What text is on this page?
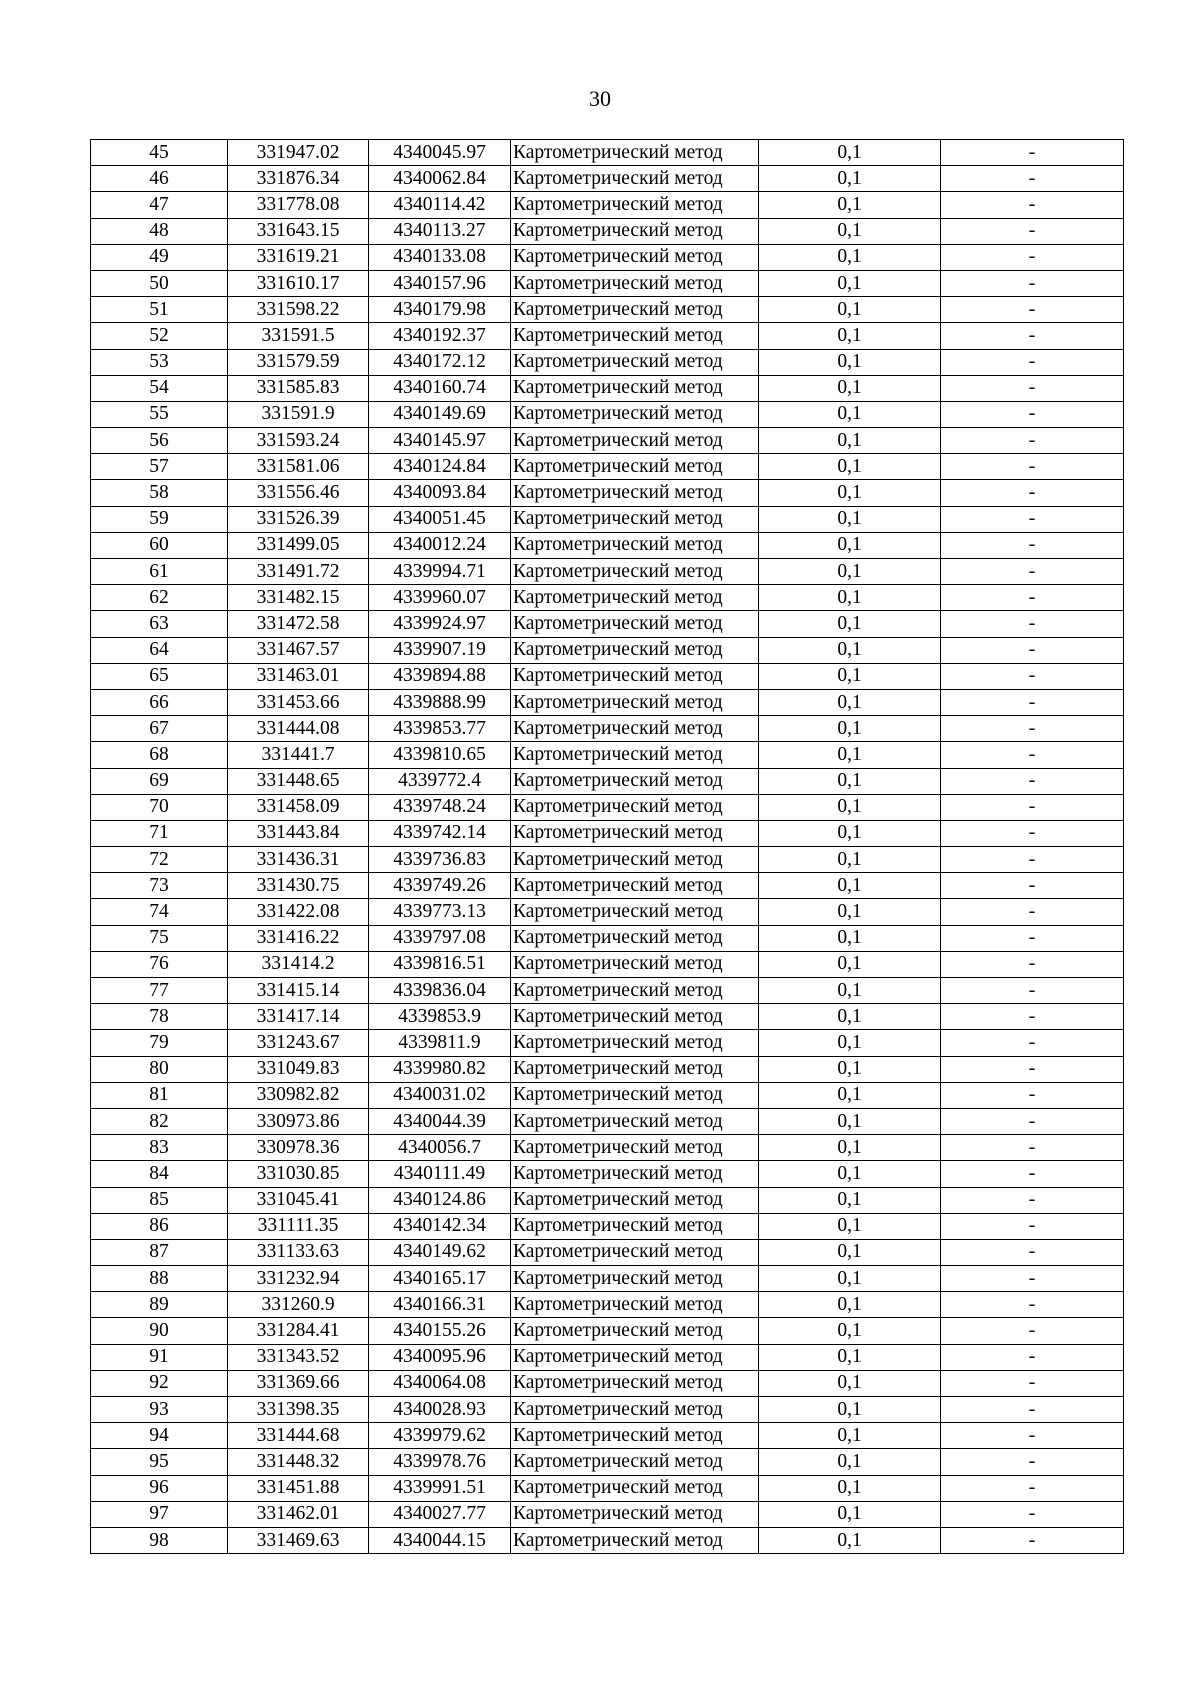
30
45	331947.02	4340045.97	Картометрический метод	0,1	-
46	331876.34	4340062.84	Картометрический метод	0,1	-
47	331778.08	4340114.42	Картометрический метод	0,1	-
48	331643.15	4340113.27	Картометрический метод	0,1	-
49	331619.21	4340133.08	Картометрический метод	0,1	-
50	331610.17	4340157.96	Картометрический метод	0,1	-
51	331598.22	4340179.98	Картометрический метод	0,1	-
52	331591.5	4340192.37	Картометрический метод	0,1	-
53	331579.59	4340172.12	Картометрический метод	0,1	-
54	331585.83	4340160.74	Картометрический метод	0,1	-
55	331591.9	4340149.69	Картометрический метод	0,1	-
56	331593.24	4340145.97	Картометрический метод	0,1	-
57	331581.06	4340124.84	Картометрический метод	0,1	-
58	331556.46	4340093.84	Картометрический метод	0,1	-
59	331526.39	4340051.45	Картометрический метод	0,1	-
60	331499.05	4340012.24	Картометрический метод	0,1	-
61	331491.72	4339994.71	Картометрический метод	0,1	-
62	331482.15	4339960.07	Картометрический метод	0,1	-
63	331472.58	4339924.97	Картометрический метод	0,1	-
64	331467.57	4339907.19	Картометрический метод	0,1	-
65	331463.01	4339894.88	Картометрический метод	0,1	-
66	331453.66	4339888.99	Картометрический метод	0,1	-
67	331444.08	4339853.77	Картометрический метод	0,1	-
68	331441.7	4339810.65	Картометрический метод	0,1	-
69	331448.65	4339772.4	Картометрический метод	0,1	-
70	331458.09	4339748.24	Картометрический метод	0,1	-
71	331443.84	4339742.14	Картометрический метод	0,1	-
72	331436.31	4339736.83	Картометрический метод	0,1	-
73	331430.75	4339749.26	Картометрический метод	0,1	-
74	331422.08	4339773.13	Картометрический метод	0,1	-
75	331416.22	4339797.08	Картометрический метод	0,1	-
76	331414.2	4339816.51	Картометрический метод	0,1	-
77	331415.14	4339836.04	Картометрический метод	0,1	-
78	331417.14	4339853.9	Картометрический метод	0,1	-
79	331243.67	4339811.9	Картометрический метод	0,1	-
80	331049.83	4339980.82	Картометрический метод	0,1	-
81	330982.82	4340031.02	Картометрический метод	0,1	-
82	330973.86	4340044.39	Картометрический метод	0,1	-
83	330978.36	4340056.7	Картометрический метод	0,1	-
84	331030.85	4340111.49	Картометрический метод	0,1	-
85	331045.41	4340124.86	Картометрический метод	0,1	-
86	331111.35	4340142.34	Картометрический метод	0,1	-
87	331133.63	4340149.62	Картометрический метод	0,1	-
88	331232.94	4340165.17	Картометрический метод	0,1	-
89	331260.9	4340166.31	Картометрический метод	0,1	-
90	331284.41	4340155.26	Картометрический метод	0,1	-
91	331343.52	4340095.96	Картометрический метод	0,1	-
92	331369.66	4340064.08	Картометрический метод	0,1	-
93	331398.35	4340028.93	Картометрический метод	0,1	-
94	331444.68	4339979.62	Картометрический метод	0,1	-
95	331448.32	4339978.76	Картометрический метод	0,1	-
96	331451.88	4339991.51	Картометрический метод	0,1	-
97	331462.01	4340027.77	Картометрический метод	0,1	-
98	331469.63	4340044.15	Картометрический метод	0,1	-
